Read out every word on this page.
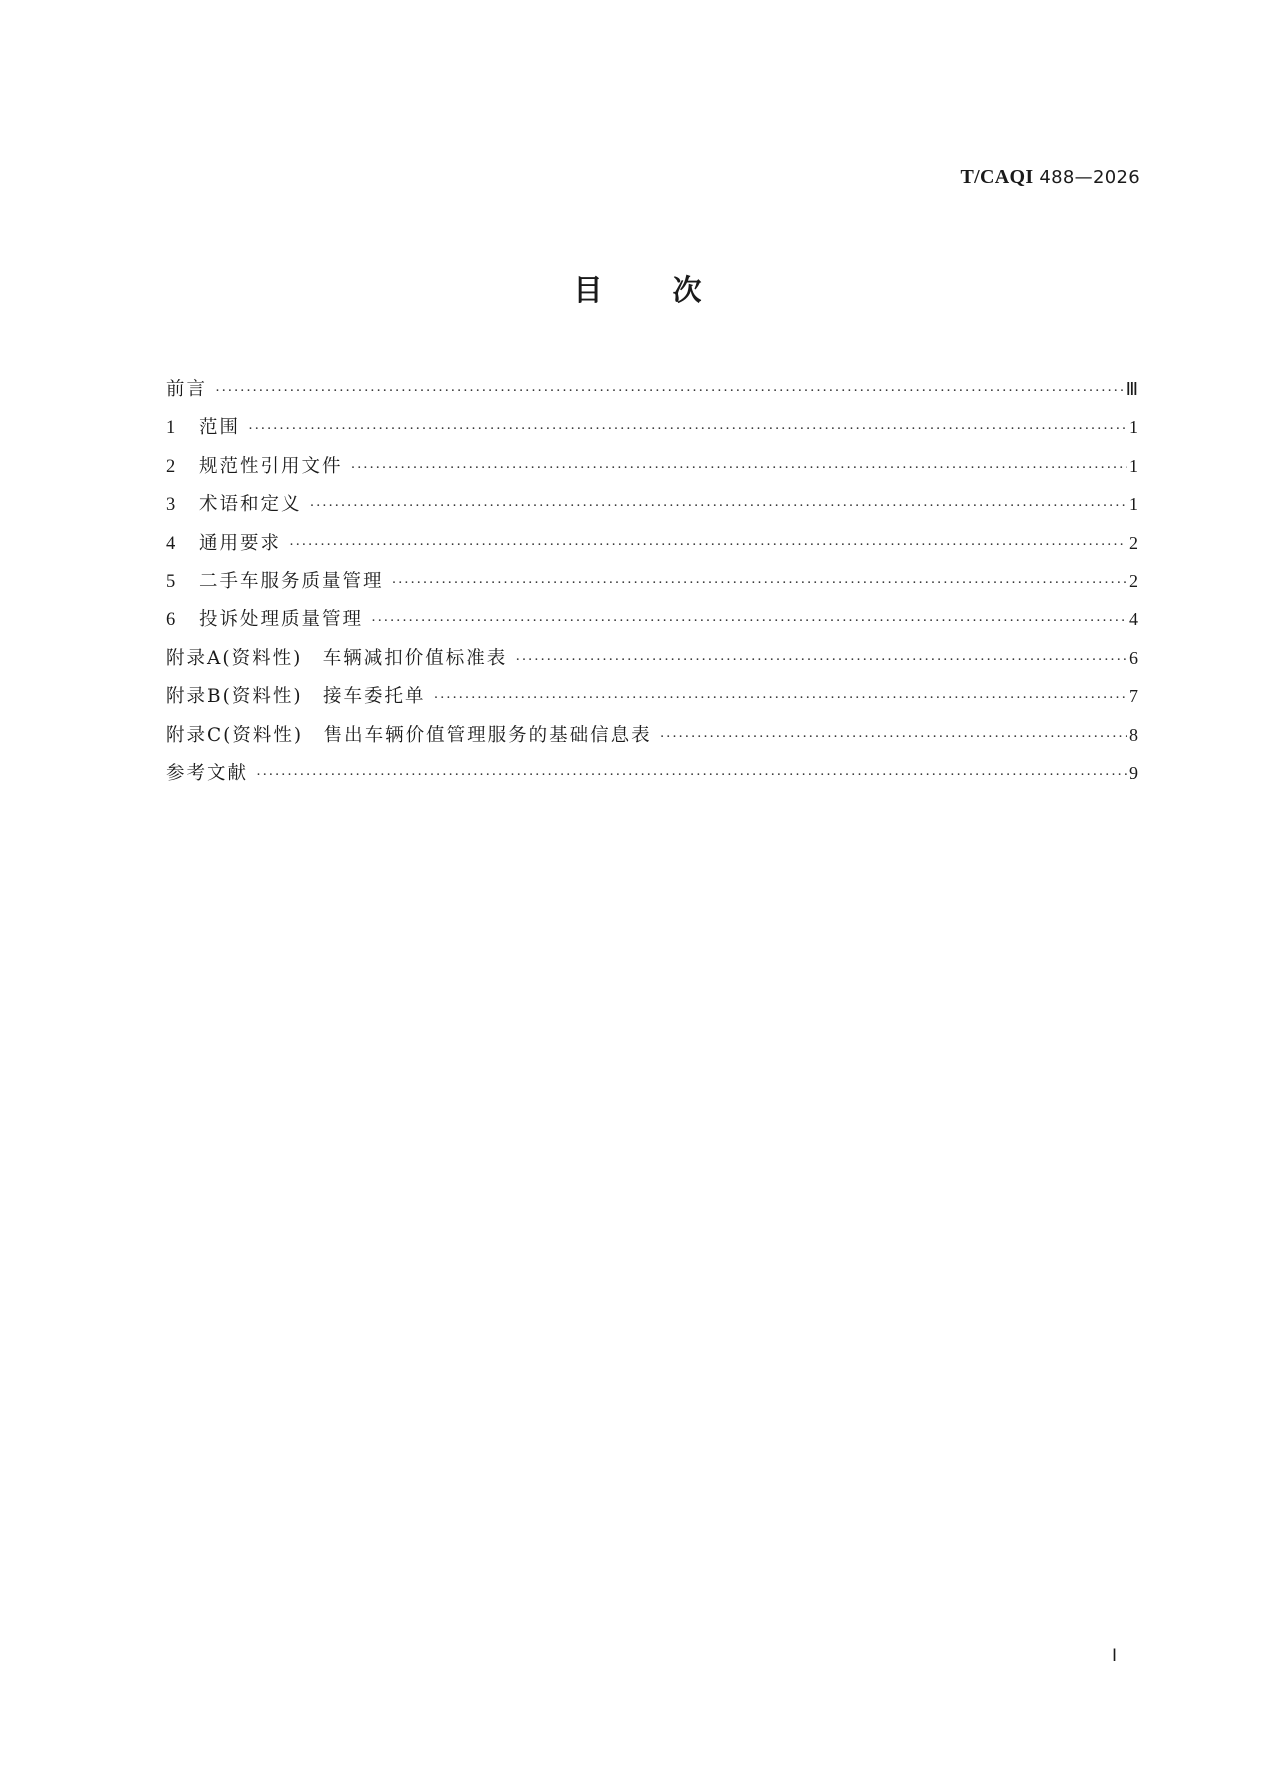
T/CAQI 488—2026
目次
前言 ·····	Ⅲ
1	范围 ·····	1
2	规范性引用文件 ·····	1
3	术语和定义 ·····	1
4	通用要求 ·····	2
5	二手车服务质量管理 ·····	2
6	投诉处理质量管理 ·····	4
附录A(资料性)　车辆减扣价值标准表 ·····	6
附录B(资料性)　接车委托单 ·····	7
附录C(资料性)　售出车辆价值管理服务的基础信息表 ·····	8
参考文献 ·····	9
Ⅰ
